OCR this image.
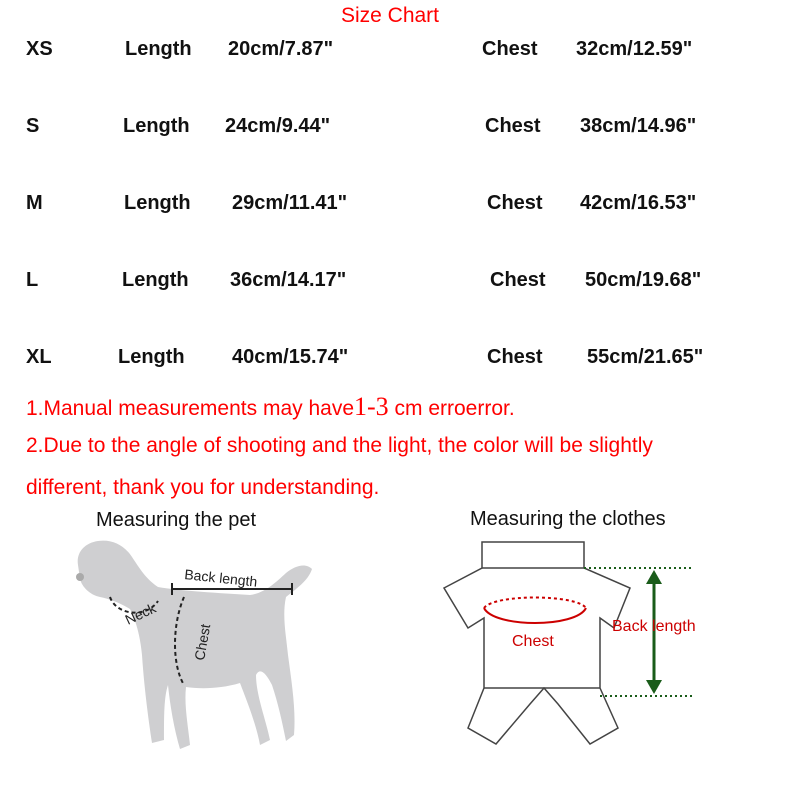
Size Chart
XS	Length 20cm/7.87"	Chest 32cm/12.59"
S	Length 24cm/9.44"	Chest 38cm/14.96"
M	Length 29cm/11.41"	Chest 42cm/16.53"
L	Length 36cm/14.17"	Chest 50cm/19.68"
XL	Length 40cm/15.74"	Chest 55cm/21.65"
1.Manual measurements may have1-3 cm erroerror.
2.Due to the angle of shooting and the light, the color will be slightly
different, thank you for understanding.
Measuring the pet	Measuring the clothes
Back length
Neck
Chest	Chest
Back length
